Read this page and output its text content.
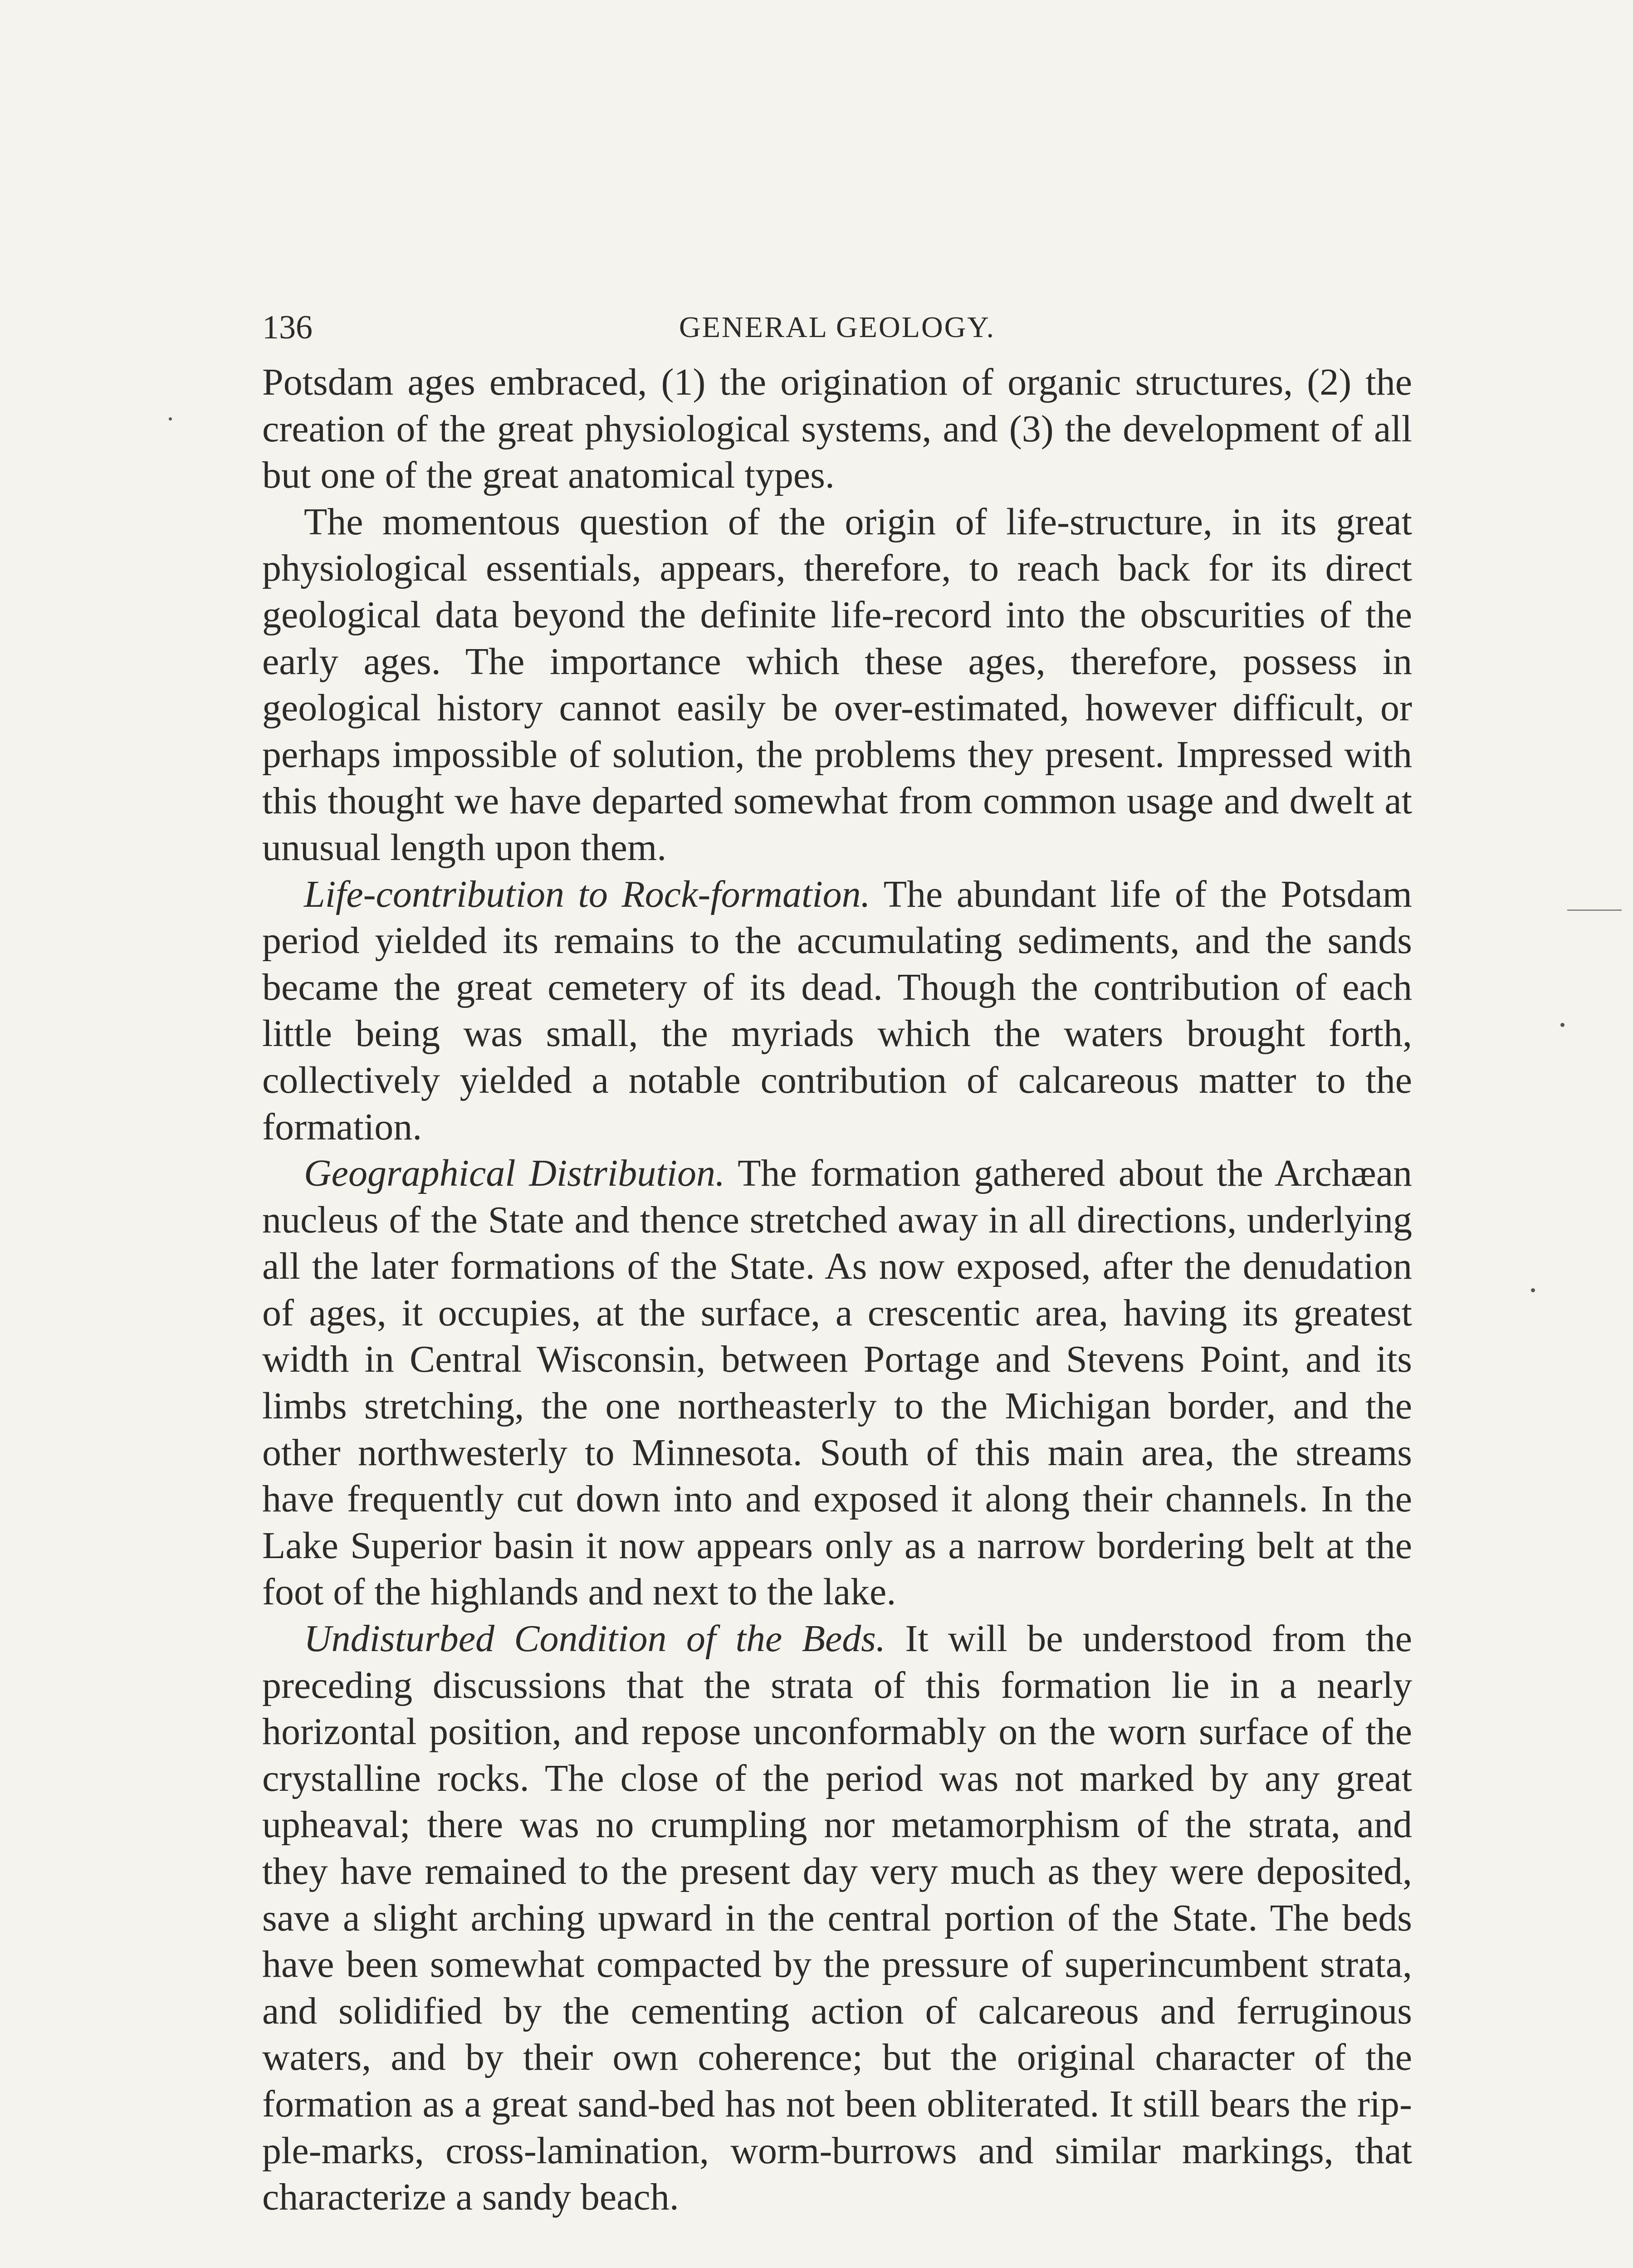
136	GENERAL GEOLOGY.

Potsdam ages embraced, (1) the origination of organic structures, (2) the creation of the great physiological systems, and (3) the development of all but one of the great anatomical types.

The momentous question of the origin of life-structure, in its great physiological essentials, appears, therefore, to reach back for its direct geological data beyond the definite life-record into the obscurities of the early ages. The importance which these ages, therefore, possess in geological history cannot easily be over-estimated, however difficult, or perhaps impossible of solution, the problems they present. Impressed with this thought we have departed somewhat from common usage and dwelt at unusual length upon them.

Life-contribution to Rock-formation. The abundant life of the Potsdam period yielded its remains to the accumulating sediments, and the sands became the great cemetery of its dead. Though the contribution of each little being was small, the myriads which the waters brought forth, collectively yielded a notable contribution of calcareous matter to the formation.

Geographical Distribution. The formation gathered about the Archæan nucleus of the State and thence stretched away in all directions, underlying all the later formations of the State. As now exposed, after the denudation of ages, it occupies, at the surface, a crescentic area, having its greatest width in Central Wisconsin, between Portage and Stevens Point, and its limbs stretching, the one northeasterly to the Michigan border, and the other northwesterly to Minnesota. South of this main area, the streams have frequently cut down into and exposed it along their channels. In the Lake Superior basin it now appears only as a narrow bordering belt at the foot of the highlands and next to the lake.

Undisturbed Condition of the Beds. It will be understood from the preceding discussions that the strata of this formation lie in a nearly horizontal position, and repose unconformably on the worn surface of the crystalline rocks. The close of the period was not marked by any great upheaval; there was no crumpling nor metamorphism of the strata, and they have remained to the present day very much as they were deposited, save a slight arching upward in the central portion of the State. The beds have been somewhat compacted by the pressure of superincumbent strata, and solidified by the cementing action of calcareous and ferruginous waters, and by their own coherence; but the original character of the formation as a great sand-bed has not been obliterated. It still bears the ripple-marks, cross-lamination, worm-burrows and similar markings, that characterize a sandy beach.
